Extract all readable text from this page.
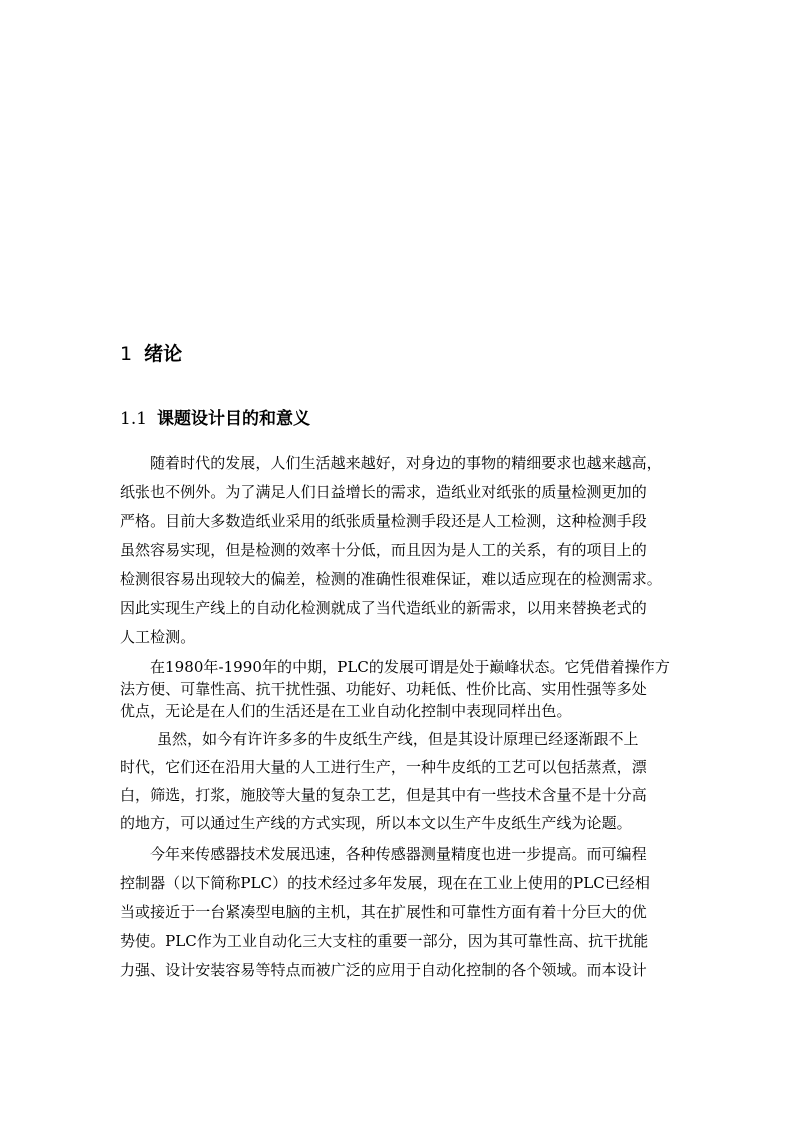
1 绪论
1.1 课题设计目的和意义

随着时代的发展，人们生活越来越好，对身边的事物的精细要求也越来越高，
纸张也不例外。为了满足人们日益增长的需求，造纸业对纸张的质量检测更加的
严格。目前大多数造纸业采用的纸张质量检测手段还是人工检测，这种检测手段
虽然容易实现，但是检测的效率十分低，而且因为是人工的关系，有的项目上的
检测很容易出现较大的偏差，检测的准确性很难保证，难以适应现在的检测需求。
因此实现生产线上的自动化检测就成了当代造纸业的新需求，以用来替换老式的
人工检测。

在1980年-1990年的中期，PLC的发展可谓是处于巅峰状态。它凭借着操作方
法方便、可靠性高、抗干扰性强、功能好、功耗低、性价比高、实用性强等多处
优点，无论是在人们的生活还是在工业自动化控制中表现同样出色。

虽然，如今有许许多多的牛皮纸生产线，但是其设计原理已经逐渐跟不上
时代，它们还在沿用大量的人工进行生产，一种牛皮纸的工艺可以包括蒸煮，漂
白，筛选，打浆，施胶等大量的复杂工艺，但是其中有一些技术含量不是十分高
的地方，可以通过生产线的方式实现，所以本文以生产牛皮纸生产线为论题。

今年来传感器技术发展迅速，各种传感器测量精度也进一步提高。而可编程
控制器（以下简称PLC）的技术经过多年发展，现在在工业上使用的PLC已经相
当或接近于一台紧凑型电脑的主机，其在扩展性和可靠性方面有着十分巨大的优
势使。PLC作为工业自动化三大支柱的重要一部分，因为其可靠性高、抗干扰能
力强、设计安装容易等特点而被广泛的应用于自动化控制的各个领域。而本设计
